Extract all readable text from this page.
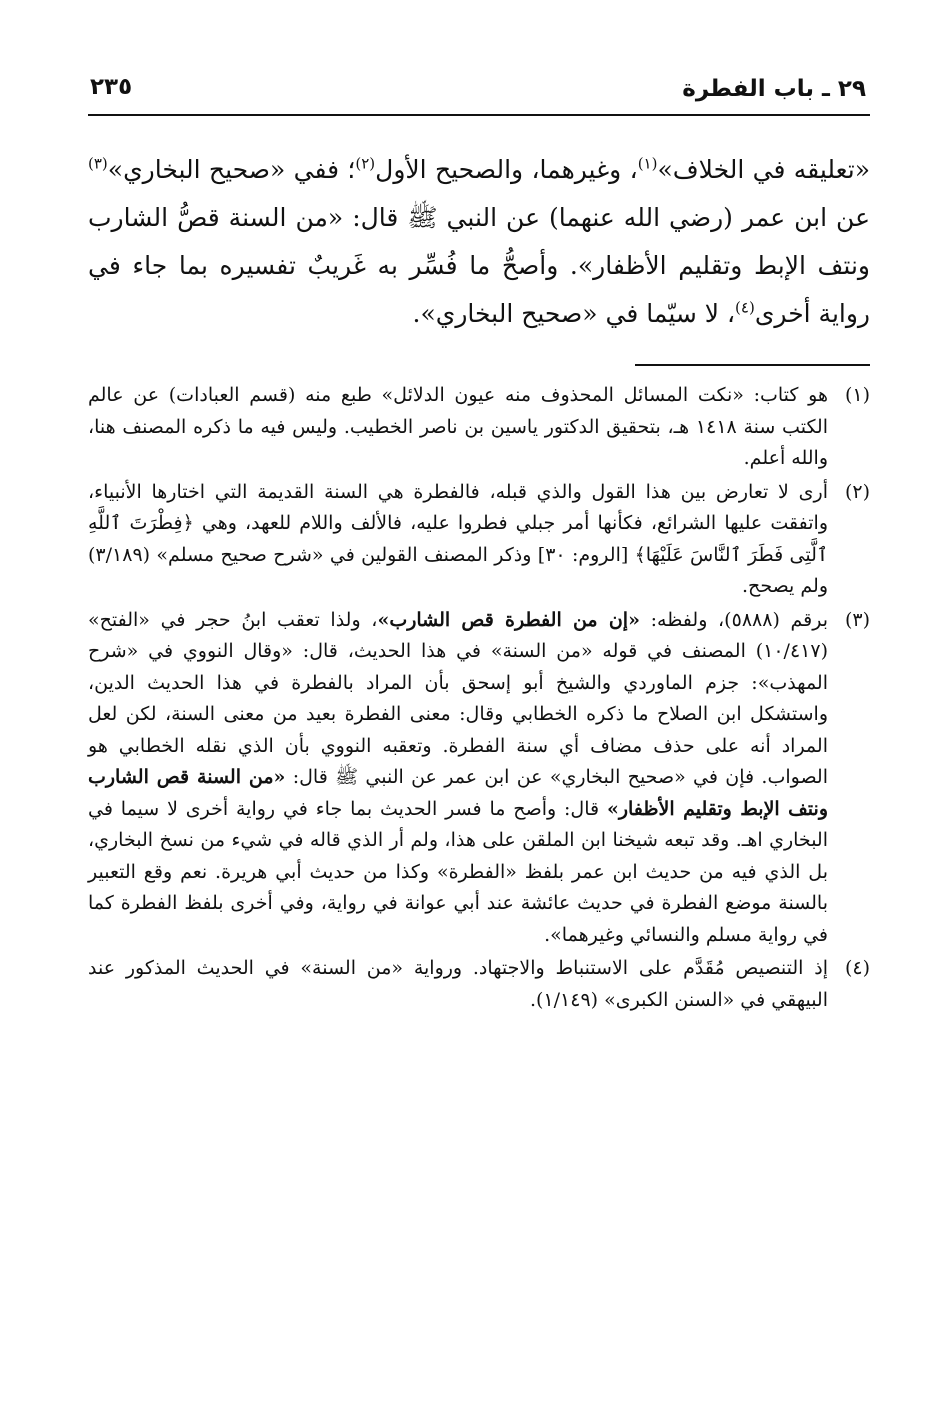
٢٩ ـ باب الفطرة
٢٣٥
«تعليقه في الخلاف»$^{(١)}$، وغيرهما، والصحيح الأول$^{(٢)}$؛ ففي «صحيح البخاري»$^{(٣)}$ عن ابن عمر (رضي الله عنهما) عن النبي ﷺ قال: «من السنة قصُّ الشارب ونتف الإبط وتقليم الأظفار». وأصحُّ ما فُسِّر به غَريبٌ تفسيره بما جاء في رواية أخرى$^{(٤)}$، لا سيّما في «صحيح البخاري».
(١)
هو كتاب: «نكت المسائل المحذوف منه عيون الدلائل» طبع منه (قسم العبادات) عن عالم الكتب سنة ١٤١٨ هـ، بتحقيق الدكتور ياسين بن ناصر الخطيب. وليس فيه ما ذكره المصنف هنا، والله أعلم.
(٢)
أرى لا تعارض بين هذا القول والذي قبله، فالفطرة هي السنة القديمة التي اختارها الأنبياء، واتفقت عليها الشرائع، فكأنها أمر جبلي فطروا عليه، فالألف واللام للعهد، وهي ﴿فِطْرَتَ ٱللَّهِ ٱلَّتِى فَطَرَ ٱلنَّاسَ عَلَيْهَا﴾ [الروم: ٣٠] وذكر المصنف القولين في «شرح صحيح مسلم» (٣/١٨٩) ولم يصحح.
(٣)
برقم (٥٨٨٨)، ولفظه: «إن من الفطرة قص الشارب»، ولذا تعقب ابنُ حجر في «الفتح» (١٠/٤١٧) المصنف في قوله «من السنة» في هذا الحديث، قال: «وقال النووي في «شرح المهذب»: جزم الماوردي والشيخ أبو إسحق بأن المراد بالفطرة في هذا الحديث الدين، واستشكل ابن الصلاح ما ذكره الخطابي وقال: معنى الفطرة بعيد من معنى السنة، لكن لعل المراد أنه على حذف مضاف أي سنة الفطرة. وتعقبه النووي بأن الذي نقله الخطابي هو الصواب. فإن في «صحيح البخاري» عن ابن عمر عن النبي ﷺ قال: «من السنة قص الشارب ونتف الإبط وتقليم الأظفار» قال: وأصح ما فسر الحديث بما جاء في رواية أخرى لا سيما في البخاري اهـ. وقد تبعه شيخنا ابن الملقن على هذا، ولم أر الذي قاله في شيء من نسخ البخاري، بل الذي فيه من حديث ابن عمر بلفظ «الفطرة» وكذا من حديث أبي هريرة. نعم وقع التعبير بالسنة موضع الفطرة في حديث عائشة عند أبي عوانة في رواية، وفي أخرى بلفظ الفطرة كما في رواية مسلم والنسائي وغيرهما».
(٤)
إذ التنصيص مُقَدَّم على الاستنباط والاجتهاد. ورواية «من السنة» في الحديث المذكور عند البيهقي في «السنن الكبرى» (١/١٤٩).
